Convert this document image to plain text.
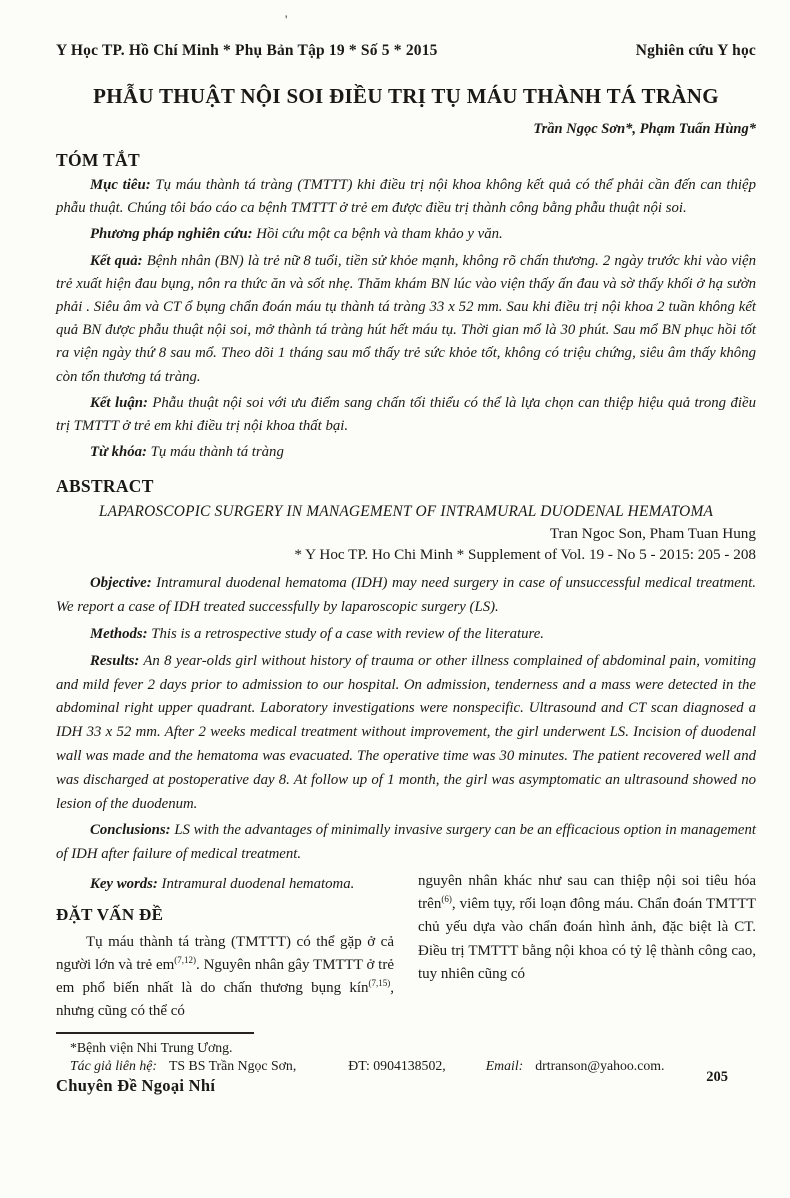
'
Y Học TP. Hồ Chí Minh * Phụ Bản Tập 19 * Số 5 * 2015	Nghiên cứu Y học
PHẪU THUẬT NỘI SOI ĐIỀU TRỊ TỤ MÁU THÀNH TÁ TRÀNG
Trần Ngọc Sơn*, Phạm Tuấn Hùng*
TÓM TẮT

Mục tiêu: Tụ máu thành tá tràng (TMTTT) khi điều trị nội khoa không kết quả có thể phải cần đến can thiệp phẫu thuật. Chúng tôi báo cáo ca bệnh TMTTT ở trẻ em được điều trị thành công bằng phẫu thuật nội soi.

Phương pháp nghiên cứu: Hồi cứu một ca bệnh và tham khảo y văn.

Kết quả: Bệnh nhân (BN) là trẻ nữ 8 tuổi, tiền sử khỏe mạnh, không rõ chấn thương. 2 ngày trước khi vào viện trẻ xuất hiện đau bụng, nôn ra thức ăn và sốt nhẹ. Thăm khám BN lúc vào viện thấy ấn đau và sờ thấy khối ở hạ sườn phải . Siêu âm và CT ổ bụng chẩn đoán máu tụ thành tá tràng 33 x 52 mm. Sau khi điều trị nội khoa 2 tuần không kết quả BN được phẫu thuật nội soi, mở thành tá tràng hút hết máu tụ. Thời gian mổ là 30 phút. Sau mổ BN phục hồi tốt ra viện ngày thứ 8 sau mổ. Theo dõi 1 tháng sau mổ thấy trẻ sức khỏe tốt, không có triệu chứng, siêu âm thấy không còn tổn thương tá tràng.

Kết luận: Phẫu thuật nội soi với ưu điểm sang chấn tối thiểu có thể là lựa chọn can thiệp hiệu quả trong điều trị TMTTT ở trẻ em khi điều trị nội khoa thất bại.

Từ khóa: Tụ máu thành tá tràng

ABSTRACT
LAPAROSCOPIC SURGERY IN MANAGEMENT OF INTRAMURAL DUODENAL HEMATOMA
Tran Ngoc Son, Pham Tuan Hung
* Y Hoc TP. Ho Chi Minh * Supplement of Vol. 19 - No 5 - 2015: 205 - 208

Objective: Intramural duodenal hematoma (IDH) may need surgery in case of unsuccessful medical treatment. We report a case of IDH treated successfully by laparoscopic surgery (LS).

Methods: This is a retrospective study of a case with review of the literature.

Results: An 8 year-olds girl without history of trauma or other illness complained of abdominal pain, vomiting and mild fever 2 days prior to admission to our hospital. On admission, tenderness and a mass were detected in the abdominal right upper quadrant. Laboratory investigations were nonspecific. Ultrasound and CT scan diagnosed a IDH 33 x 52 mm. After 2 weeks medical treatment without improvement, the girl underwent LS. Incision of duodenal wall was made and the hematoma was evacuated. The operative time was 30 minutes. The patient recovered well and was discharged at postoperative day 8. At follow up of 1 month, the girl was asymptomatic an ultrasound showed no lesion of the duodenum.

Conclusions: LS with the advantages of minimally invasive surgery can be an efficacious option in management of IDH after failure of medical treatment.

Key words: Intramural duodenal hematoma.

ĐẶT VẤN ĐỀ

Tụ máu thành tá tràng (TMTTT) có thể gặp ở cả người lớn và trẻ em$^{(7,12)}$. Nguyên nhân gây TMTTT ở trẻ em phổ biến nhất là do chấn thương bụng kín$^{(7,15)}$, nhưng cũng có thể có

nguyên nhân khác như sau can thiệp nội soi tiêu hóa trên$^{(6)}$, viêm tụy, rối loạn đông máu. Chẩn đoán TMTTT chủ yếu dựa vào chẩn đoán hình ảnh, đặc biệt là CT. Điều trị TMTTT bằng nội khoa có tỷ lệ thành công cao, tuy nhiên cũng có

*Bệnh viện Nhi Trung Ương.
Tác giả liên hệ: TS BS Trần Ngọc Sơn,	ĐT: 0904138502,	Email: drtranson@yahoo.com.
Chuyên Đề Ngoại Nhí	205
